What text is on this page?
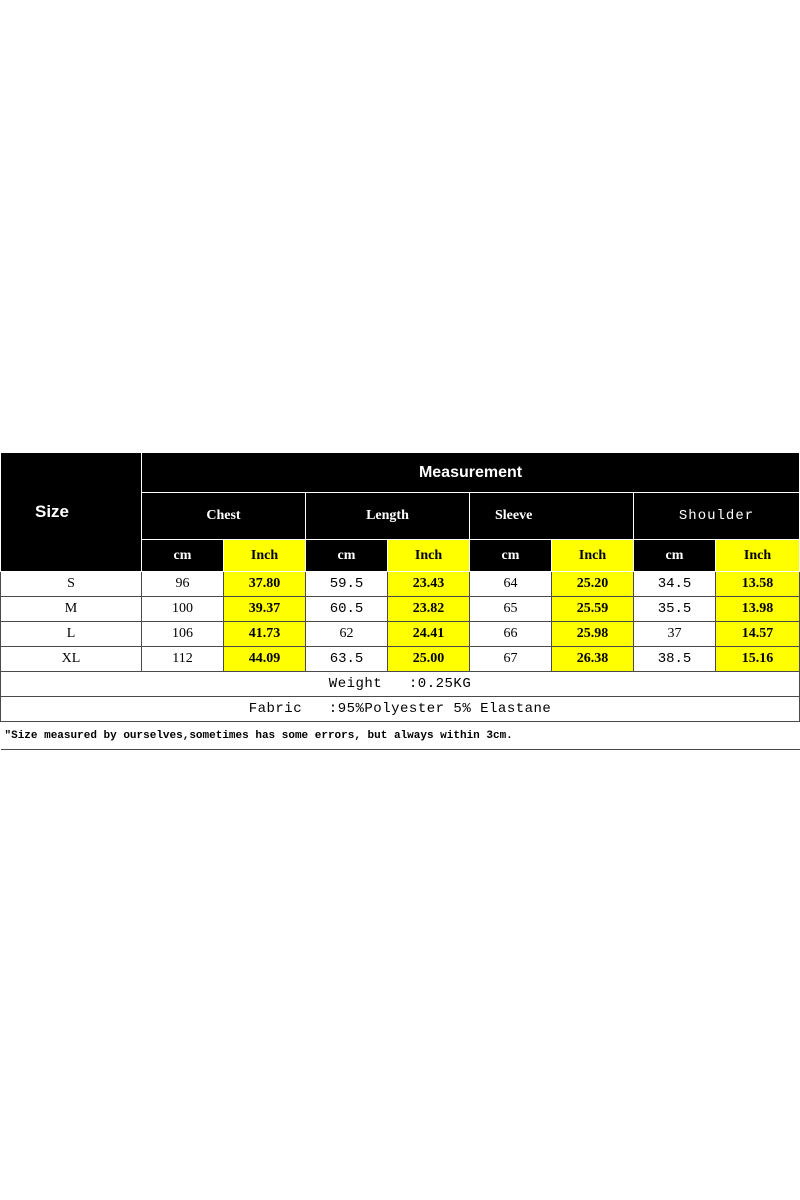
Size	Measurement							
	Chest		Length		Sleeve		Shoulder	
	cm	Inch	cm	Inch	cm	Inch	cm	Inch
S	96	37.80	59.5	23.43	64	25.20	34.5	13.58
M	100	39.37	60.5	23.82	65	25.59	35.5	13.98
L	106	41.73	62	24.41	66	25.98	37	14.57
XL	112	44.09	63.5	25.00	67	26.38	38.5	15.16
Weight   :0.25KG								
Fabric   :95%Polyester 5% Elastane								
"Size measured by ourselves,sometimes has some errors, but always within 3cm.								
